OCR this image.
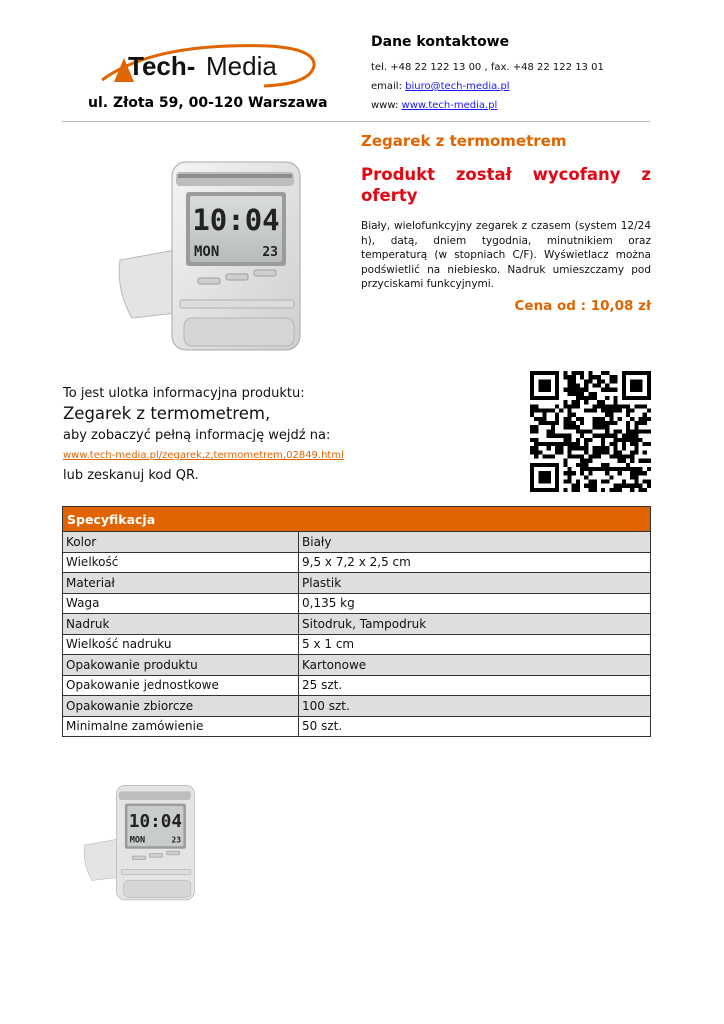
Tech- Media
ul. Złota 59, 00-120 Warszawa
Dane kontaktowe
tel. +48 22 122 13 00 , fax. +48 22 122 13 01
email: biuro@tech-media.pl
www: www.tech-media.pl
10:04
MON	23
Zegarek z termometrem
Produkt został wycofany z
oferty
Biały, wielofunkcyjny zegarek z czasem (system 12/24 h), datą, dniem tygodnia, minutnikiem oraz temperaturą (w stopniach C/F). Wyświetlacz można podświetlić na niebiesko. Nadruk umieszczamy pod przyciskami funkcyjnymi.
Cena od : 10,08 zł
To jest ulotka informacyjna produktu:
Zegarek z termometrem,
aby zobaczyć pełną informację wejdź na:
www.tech-media.pl/zegarek,z,termometrem,02849.html
lub zeskanuj kod QR.
Specyfikacja	
Kolor	Biały
Wielkość	9,5 x 7,2 x 2,5 cm
Materiał	Plastik
Waga	0,135 kg
Nadruk	Sitodruk, Tampodruk
Wielkość nadruku	5 x 1 cm
Opakowanie produktu	Kartonowe
Opakowanie jednostkowe	25 szt.
Opakowanie zbiorcze	100 szt.
Minimalne zamówienie	50 szt.
10:04
MON 23
